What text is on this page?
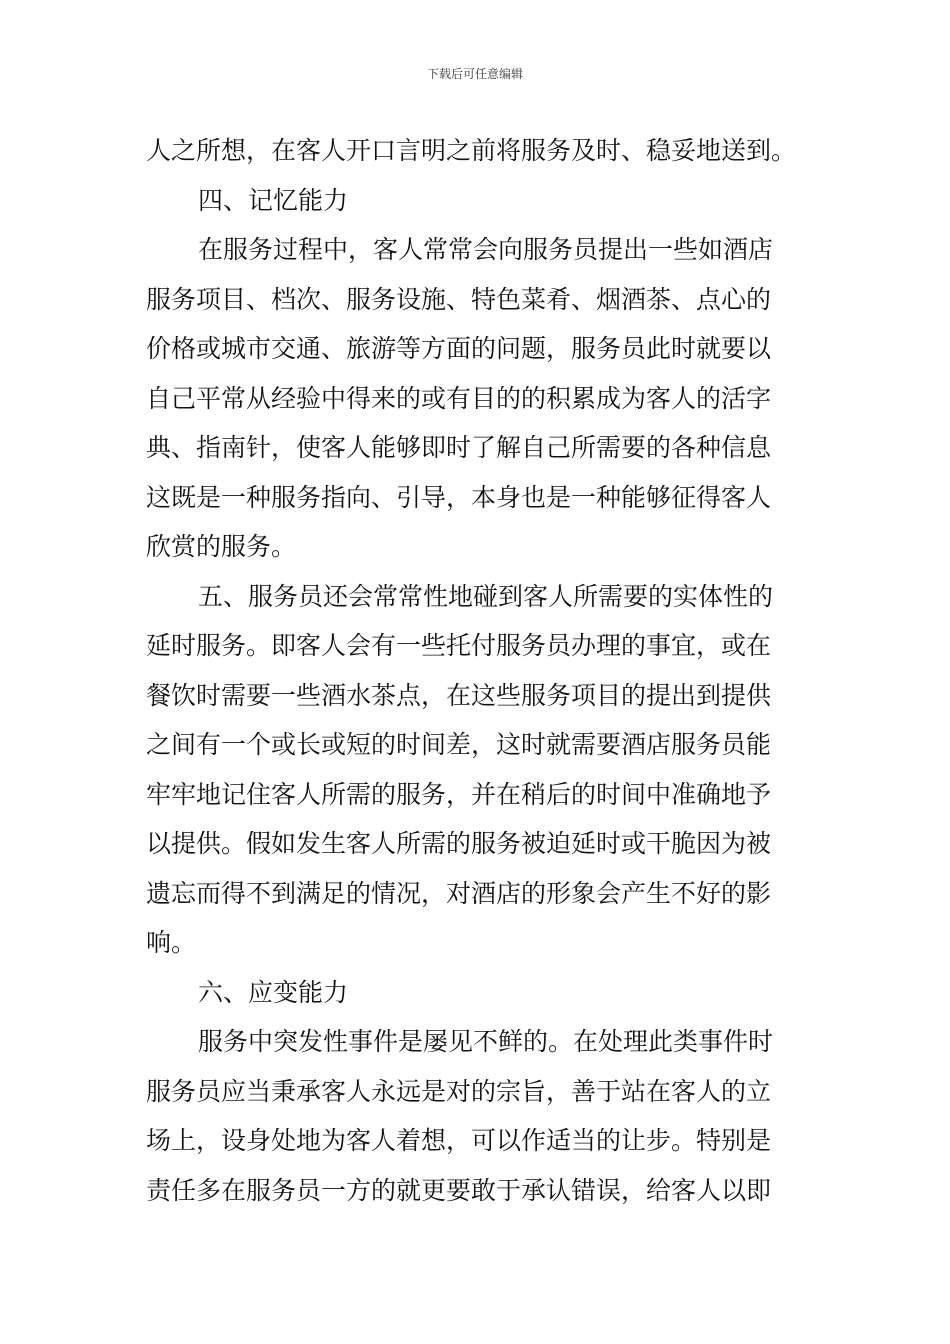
下载后可任意编辑
人之所想，在客人开口言明之前将服务及时、稳妥地送到。
四、记忆能力
在服务过程中，客人常常会向服务员提出一些如酒店
服务项目、档次、服务设施、特色菜肴、烟酒茶、点心的
价格或城市交通、旅游等方面的问题，服务员此时就要以
自己平常从经验中得来的或有目的的积累成为客人的活字
典、指南针，使客人能够即时了解自己所需要的各种信息
这既是一种服务指向、引导，本身也是一种能够征得客人
欣赏的服务。
五、服务员还会常常性地碰到客人所需要的实体性的
延时服务。即客人会有一些托付服务员办理的事宜，或在
餐饮时需要一些酒水茶点，在这些服务项目的提出到提供
之间有一个或长或短的时间差，这时就需要酒店服务员能
牢牢地记住客人所需的服务，并在稍后的时间中准确地予
以提供。假如发生客人所需的服务被迫延时或干脆因为被
遗忘而得不到满足的情况，对酒店的形象会产生不好的影
响。
六、应变能力
服务中突发性事件是屡见不鲜的。在处理此类事件时
服务员应当秉承客人永远是对的宗旨，善于站在客人的立
场上，设身处地为客人着想，可以作适当的让步。特别是
责任多在服务员一方的就更要敢于承认错误，给客人以即
